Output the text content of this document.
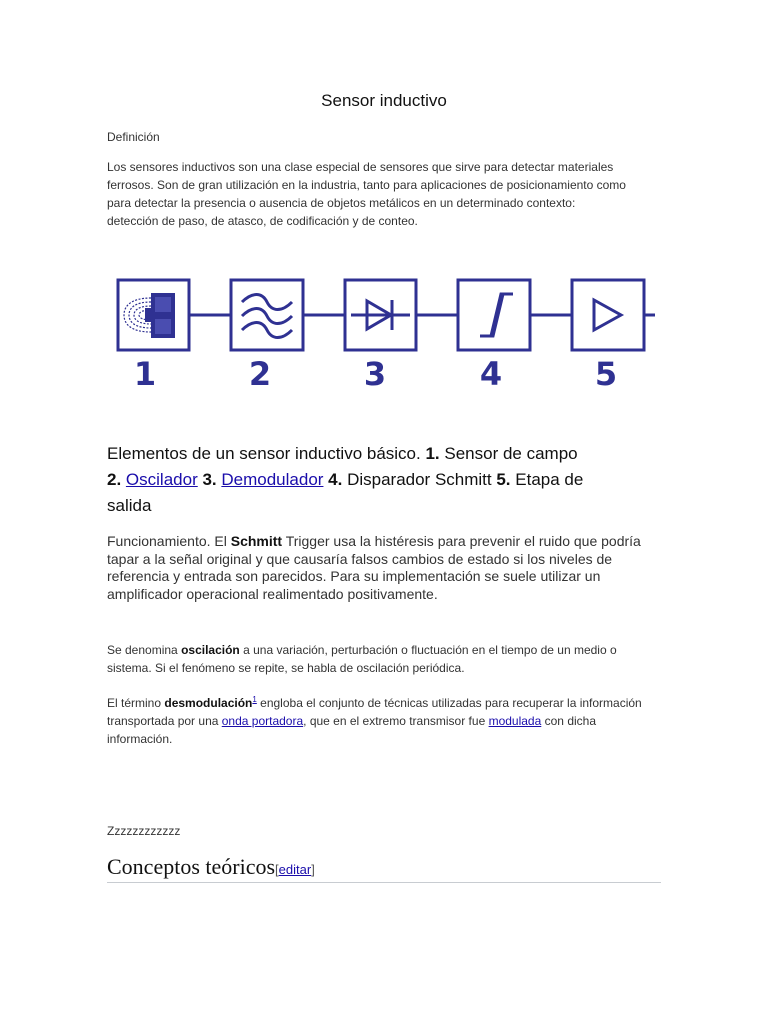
Sensor inductivo

Definición

Los sensores inductivos son una clase especial de sensores que sirve para detectar materiales ferrosos. Son de gran utilización en la industria, tanto para aplicaciones de posicionamiento como para detectar la presencia o ausencia de objetos metálicos en un determinado contexto: detección de paso, de atasco, de codificación y de conteo.

1	2	3	4	5

Elementos de un sensor inductivo básico. 1. Sensor de campo 2. Oscilador 3. Demodulador 4. Disparador Schmitt 5. Etapa de salida

Funcionamiento. El Schmitt Trigger usa la histéresis para prevenir el ruido que podría tapar a la señal original y que causaría falsos cambios de estado si los niveles de referencia y entrada son parecidos. Para su implementación se suele utilizar un amplificador operacional realimentado positivamente.

Se denomina oscilación a una variación, perturbación o fluctuación en el tiempo de un medio o sistema. Si el fenómeno se repite, se habla de oscilación periódica.

El término desmodulación$^1$ engloba el conjunto de técnicas utilizadas para recuperar la información transportada por una onda portadora, que en el extremo transmisor fue modulada con dicha información.

Zzzzzzzzzzzz

Conceptos teóricos[editar]
